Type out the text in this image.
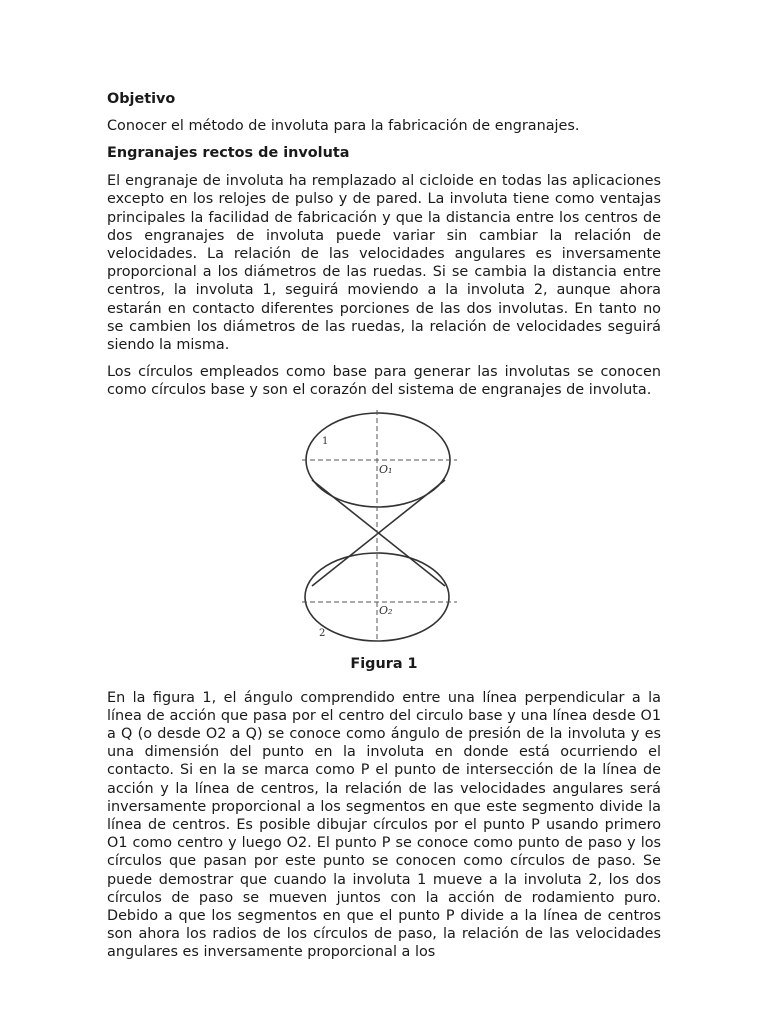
Objetivo

Conocer el método de involuta para la fabricación de engranajes.

Engranajes rectos de involuta

El engranaje de involuta ha remplazado al cicloide en todas las aplicaciones excepto en los relojes de pulso y de pared. La involuta tiene como ventajas principales la facilidad de fabricación y que la distancia entre los centros de dos engranajes de involuta puede variar sin cambiar la relación de velocidades. La relación de las velocidades angulares es inversamente proporcional a los diámetros de las ruedas. Si se cambia la distancia entre centros, la involuta 1, seguirá moviendo a la involuta 2, aunque ahora estarán en contacto diferentes porciones de las dos involutas. En tanto no se cambien los diámetros de las ruedas, la relación de velocidades seguirá siendo la misma.

Los círculos empleados como base para generar las involutas se conocen como círculos base y son el corazón del sistema de engranajes de involuta.

1
O₁
O₂
2
Figura 1

En la figura 1, el ángulo comprendido entre una línea perpendicular a la línea de acción que pasa por el centro del circulo base y una línea desde O1 a Q (o desde O2 a Q) se conoce como ángulo de presión de la involuta y es una dimensión del punto en la involuta en donde está ocurriendo el contacto. Si en la se marca como P el punto de intersección de la línea de acción y la línea de centros, la relación de las velocidades angulares será inversamente proporcional a los segmentos en que este segmento divide la línea de centros. Es posible dibujar círculos por el punto P usando primero O1 como centro y luego O2. El punto P se conoce como punto de paso y los círculos que pasan por este punto se conocen como círculos de paso. Se puede demostrar que cuando la involuta 1 mueve a la involuta 2, los dos círculos de paso se mueven juntos con la acción de rodamiento puro. Debido a que los segmentos en que el punto P divide a la línea de centros son ahora los radios de los círculos de paso, la relación de las velocidades angulares es inversamente proporcional a los
